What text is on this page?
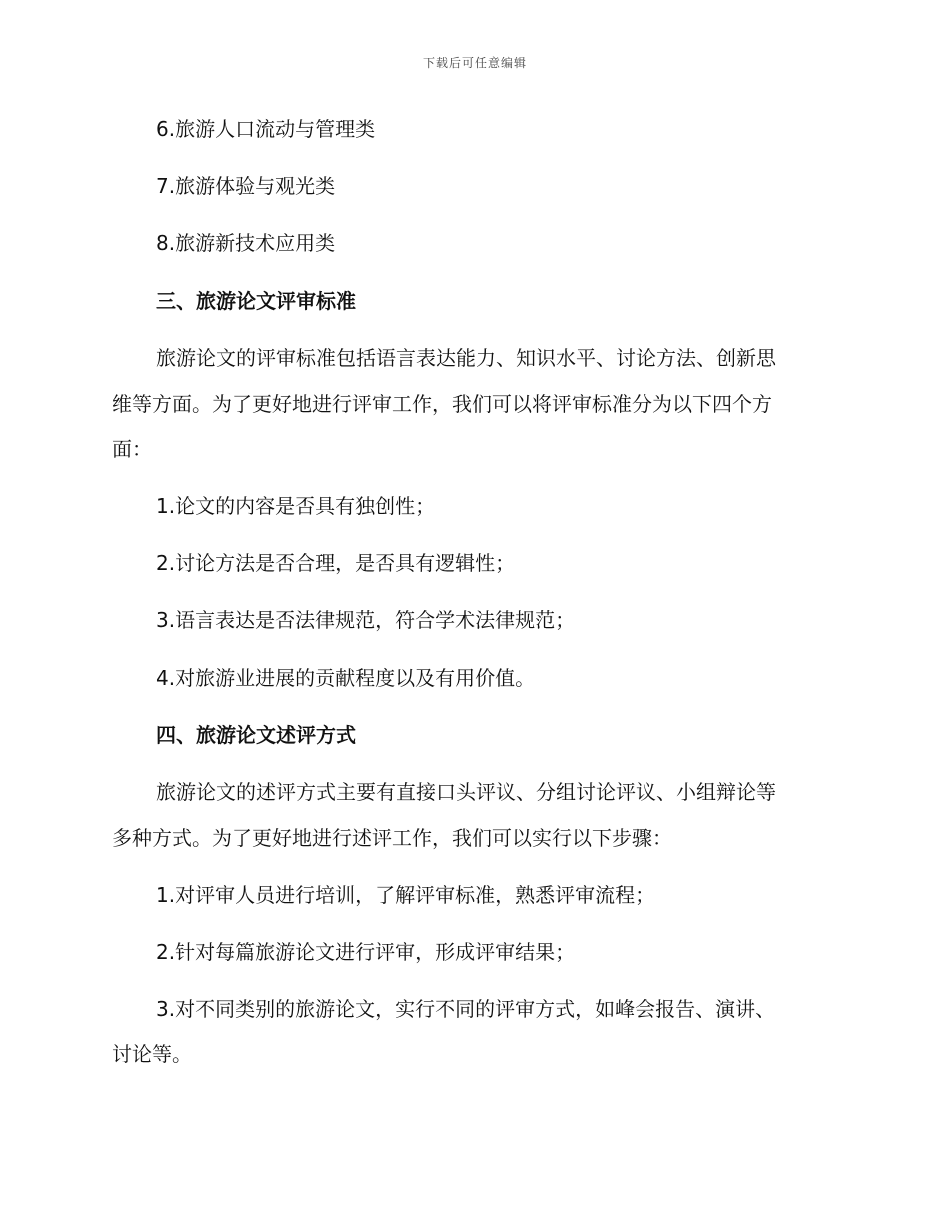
下载后可任意编辑
6.旅游人口流动与管理类
7.旅游体验与观光类
8.旅游新技术应用类
三、旅游论文评审标准
旅游论文的评审标准包括语言表达能力、知识水平、讨论方法、创新思
维等方面。为了更好地进行评审工作，我们可以将评审标准分为以下四个方
面：
1.论文的内容是否具有独创性；
2.讨论方法是否合理，是否具有逻辑性；
3.语言表达是否法律规范，符合学术法律规范；
4.对旅游业进展的贡献程度以及有用价值。
四、旅游论文述评方式
旅游论文的述评方式主要有直接口头评议、分组讨论评议、小组辩论等
多种方式。为了更好地进行述评工作，我们可以实行以下步骤：
1.对评审人员进行培训，了解评审标准，熟悉评审流程；
2.针对每篇旅游论文进行评审，形成评审结果；
3.对不同类别的旅游论文，实行不同的评审方式，如峰会报告、演讲、
讨论等。
